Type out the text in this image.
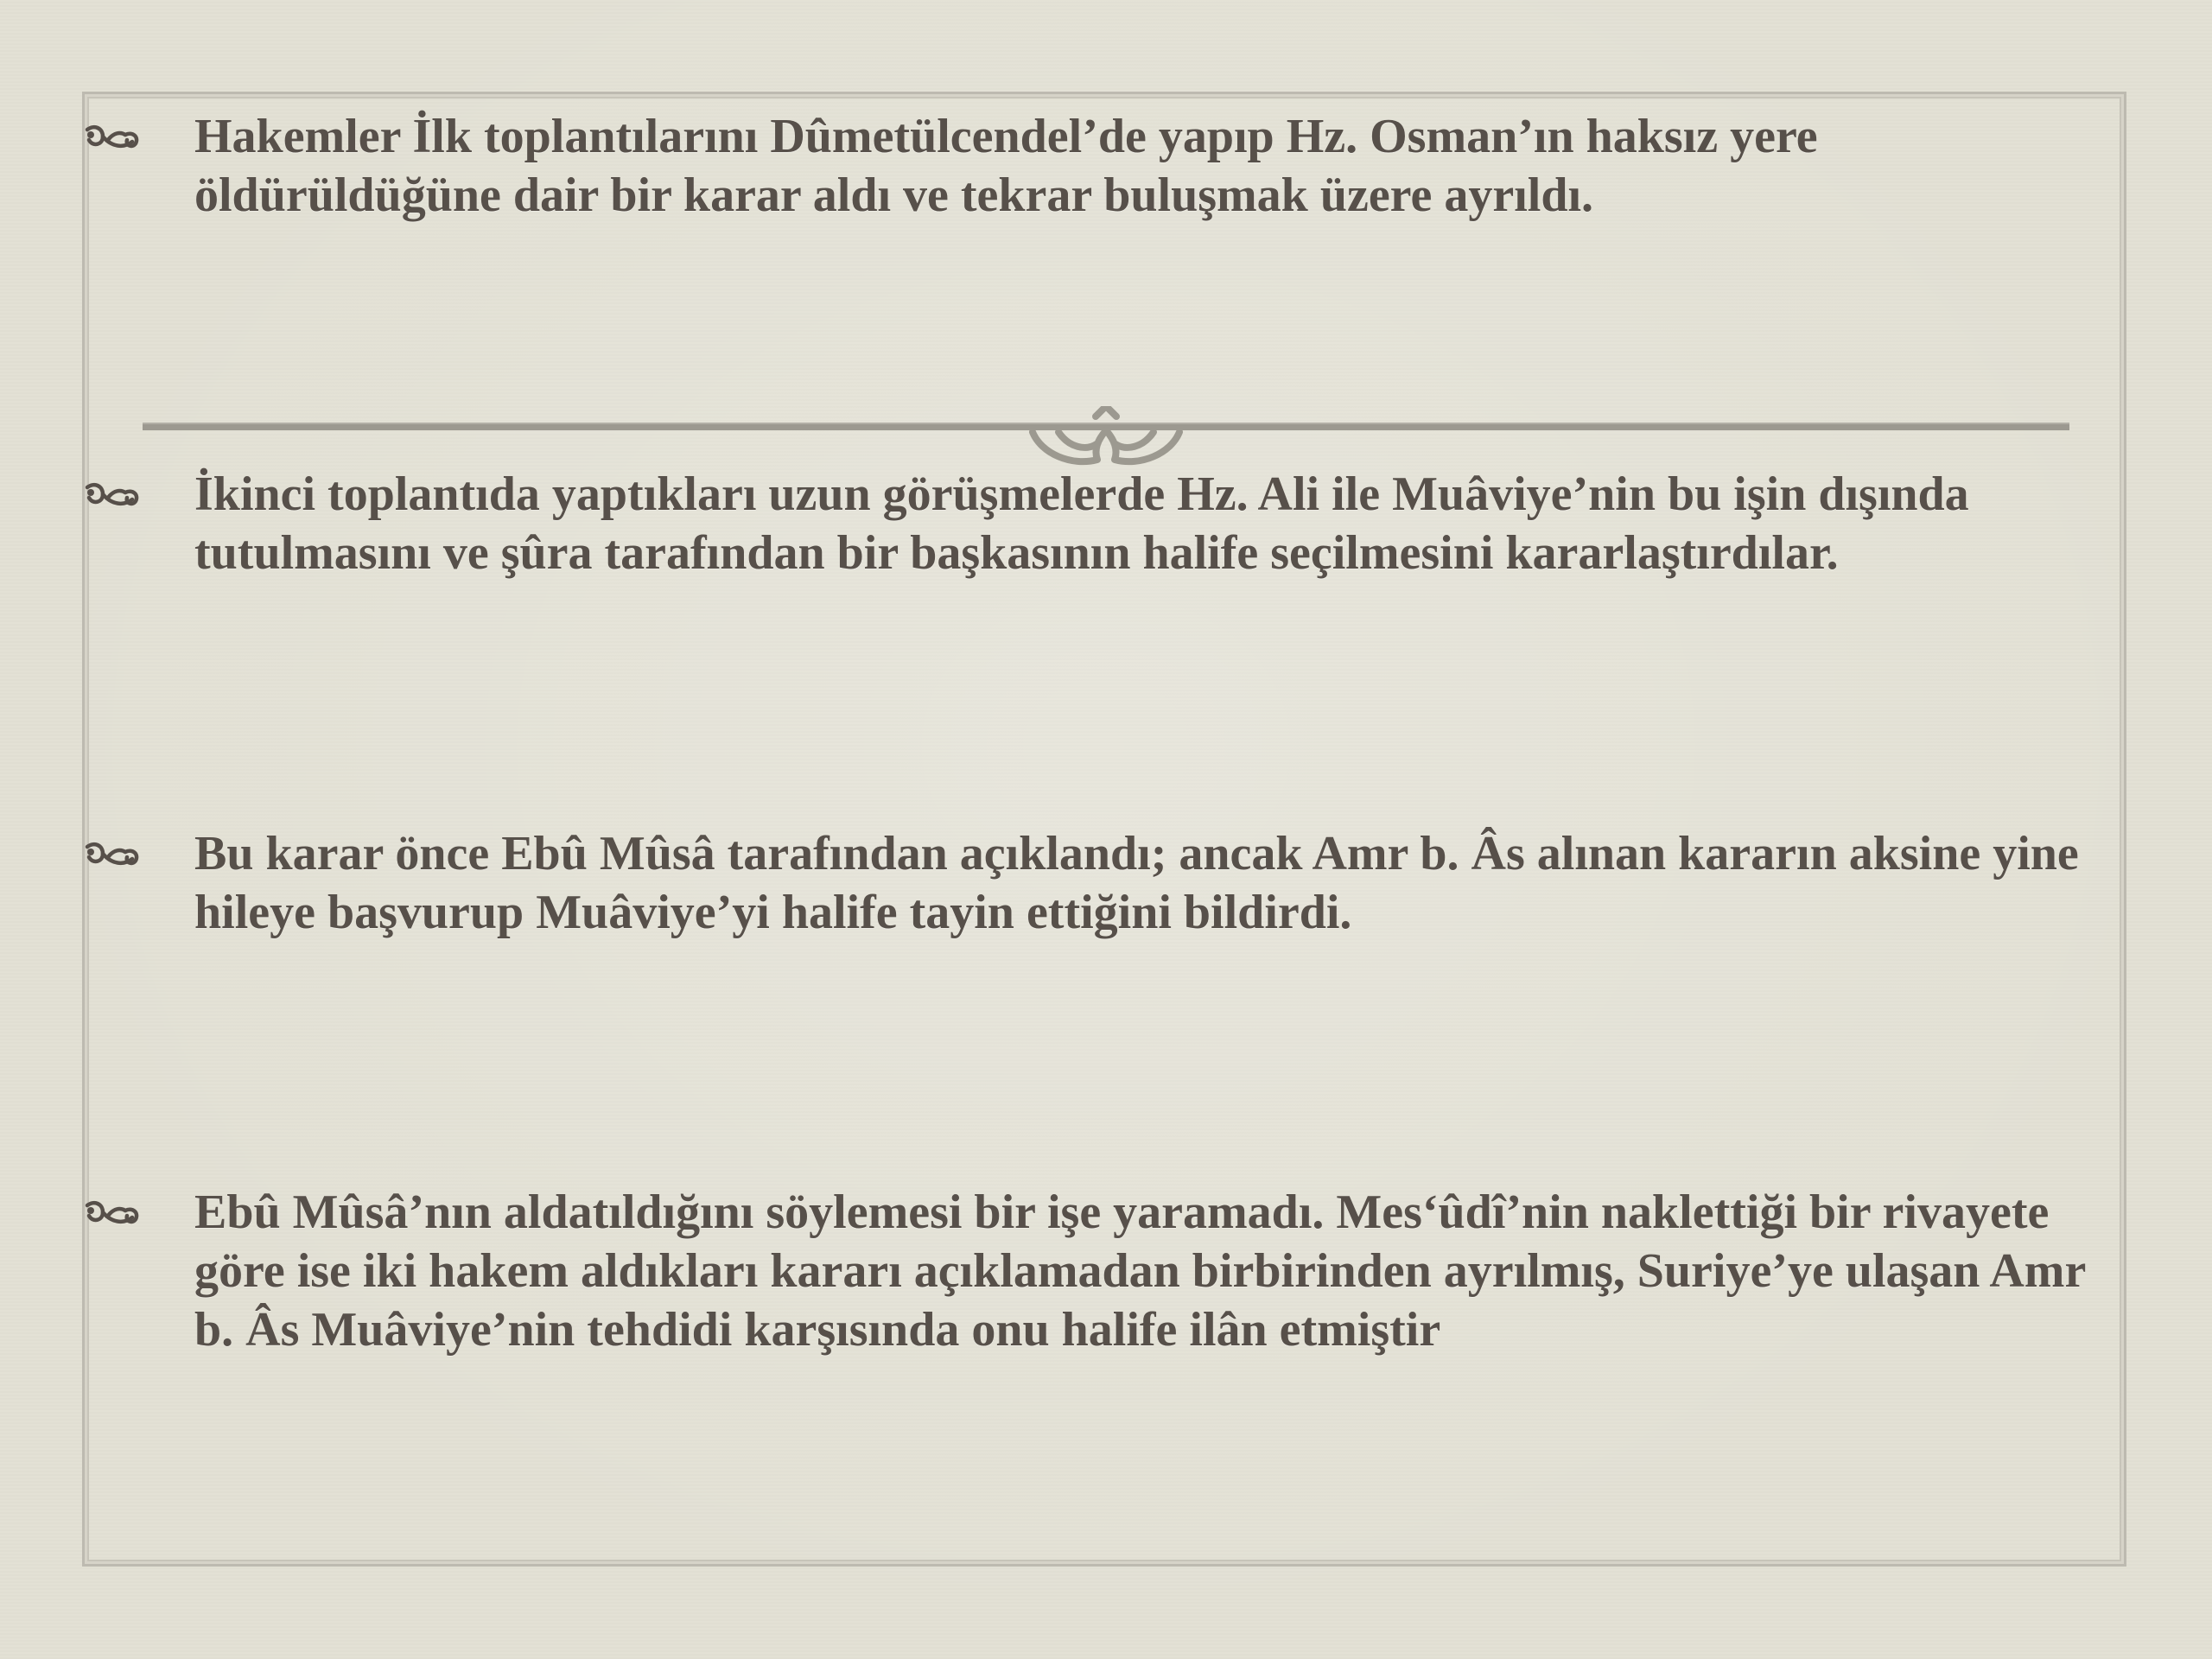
Hakemler İlk toplantılarını Dûmetülcendel’de yapıp Hz. Osman’ın haksız yere öldürüldüğüne dair bir karar aldı ve tekrar buluşmak üzere ayrıldı.

İkinci toplantıda yaptıkları uzun görüşmelerde Hz. Ali ile Muâviye’nin bu işin dışında tutulmasını ve şûra tarafından bir başkasının halife seçilmesini kararlaştırdılar.

Bu karar önce Ebû Mûsâ tarafından açıklandı; ancak Amr b. Âs alınan kararın aksine yine hileye başvurup Muâviye’yi halife tayin ettiğini bildirdi.

Ebû Mûsâ’nın aldatıldığını söylemesi bir işe yaramadı. Mes‘ûdî’nin naklettiği bir rivayete göre ise iki hakem aldıkları kararı açıklamadan birbirinden ayrılmış, Suriye’ye ulaşan Amr b. Âs Muâviye’nin tehdidi karşısında onu halife ilân etmiştir
